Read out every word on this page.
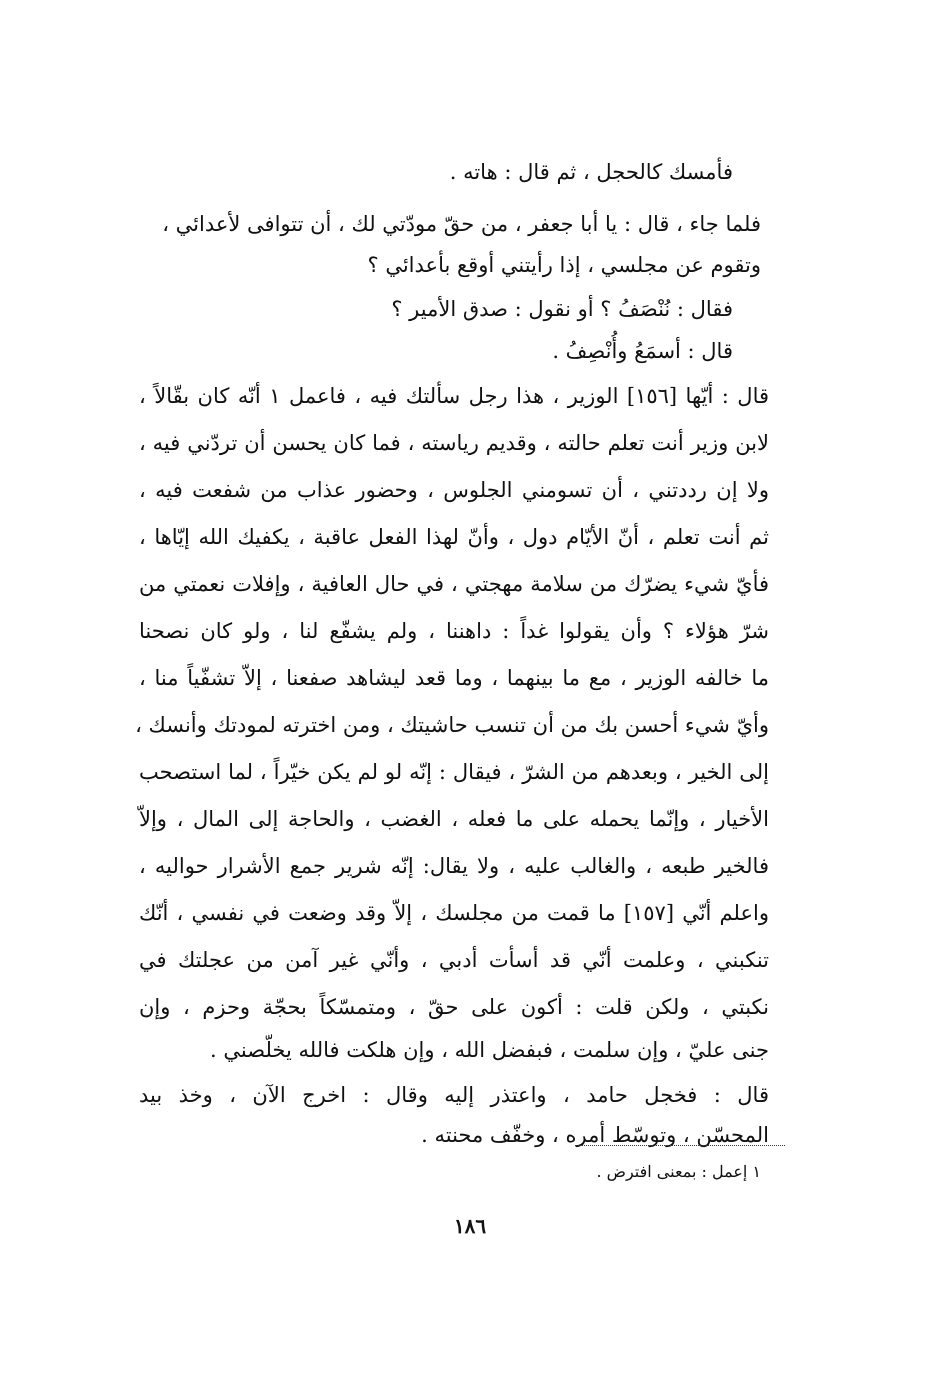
فأمسك كالحجل ، ثم قال : هاته .
فلما جاء ، قال : يا أبا جعفر ، من حقّ مودّتي لك ، أن تتوافى لأعدائي ،
وتقوم عن مجلسي ، إذا رأيتني أوقع بأعدائي ؟
فقال : نُنْصَفُ ؟ أو نقول : صدق الأمير ؟
قال : أسمَعُ وأُنْصِفُ .
قال : أيّها [١٥٦] الوزير ، هذا رجل سألتك فيه ، فاعمل ١ أنّه كان بقّالاً ،
لابن وزير أنت تعلم حالته ، وقديم رياسته ، فما كان يحسن أن تردّني فيه ،
ولا إن رددتني ، أن تسومني الجلوس ، وحضور عذاب من شفعت فيه ،
ثم أنت تعلم ، أنّ الأيّام دول ، وأنّ لهذا الفعل عاقبة ، يكفيك الله إيّاها ،
فأيّ شيء يضرّك من سلامة مهجتي ، في حال العافية ، وإفلات نعمتي من
شرّ هؤلاء ؟ وأن يقولوا غداً : داهننا ، ولم يشفّع لنا ، ولو كان نصحنا
ما خالفه الوزير ، مع ما بينهما ، وما قعد ليشاهد صفعنا ، إلاّ تشفّياً منا ،
وأيّ شيء أحسن بك من أن تنسب حاشيتك ، ومن اخترته لمودتك وأنسك ،
إلى الخير ، وبعدهم من الشرّ ، فيقال : إنّه لو لم يكن خيّراً ، لما استصحب
الأخيار ، وإنّما يحمله على ما فعله ، الغضب ، والحاجة إلى المال ، وإلاّ
فالخير طبعه ، والغالب عليه ، ولا يقال: إنّه شرير جمع الأشرار حواليه ،
واعلم أنّي [١٥٧] ما قمت من مجلسك ، إلاّ وقد وضعت في نفسي ، أنّك
تنكبني ، وعلمت أنّي قد أسأت أدبي ، وأنّي غير آمن من عجلتك في
نكبتي ، ولكن قلت : أكون على حقّ ، ومتمسّكاً بحجّة وحزم ، وإن
جنى عليّ ، وإن سلمت ، فبفضل الله ، وإن هلكت فالله يخلّصني .
قال : فخجل حامد ، واعتذر إليه وقال : اخرج الآن ، وخذ بيد
المحسّن ، وتوسّط أمره ، وخفّف محنته .
١ إعمل : بمعنى افترض .
١٨٦
